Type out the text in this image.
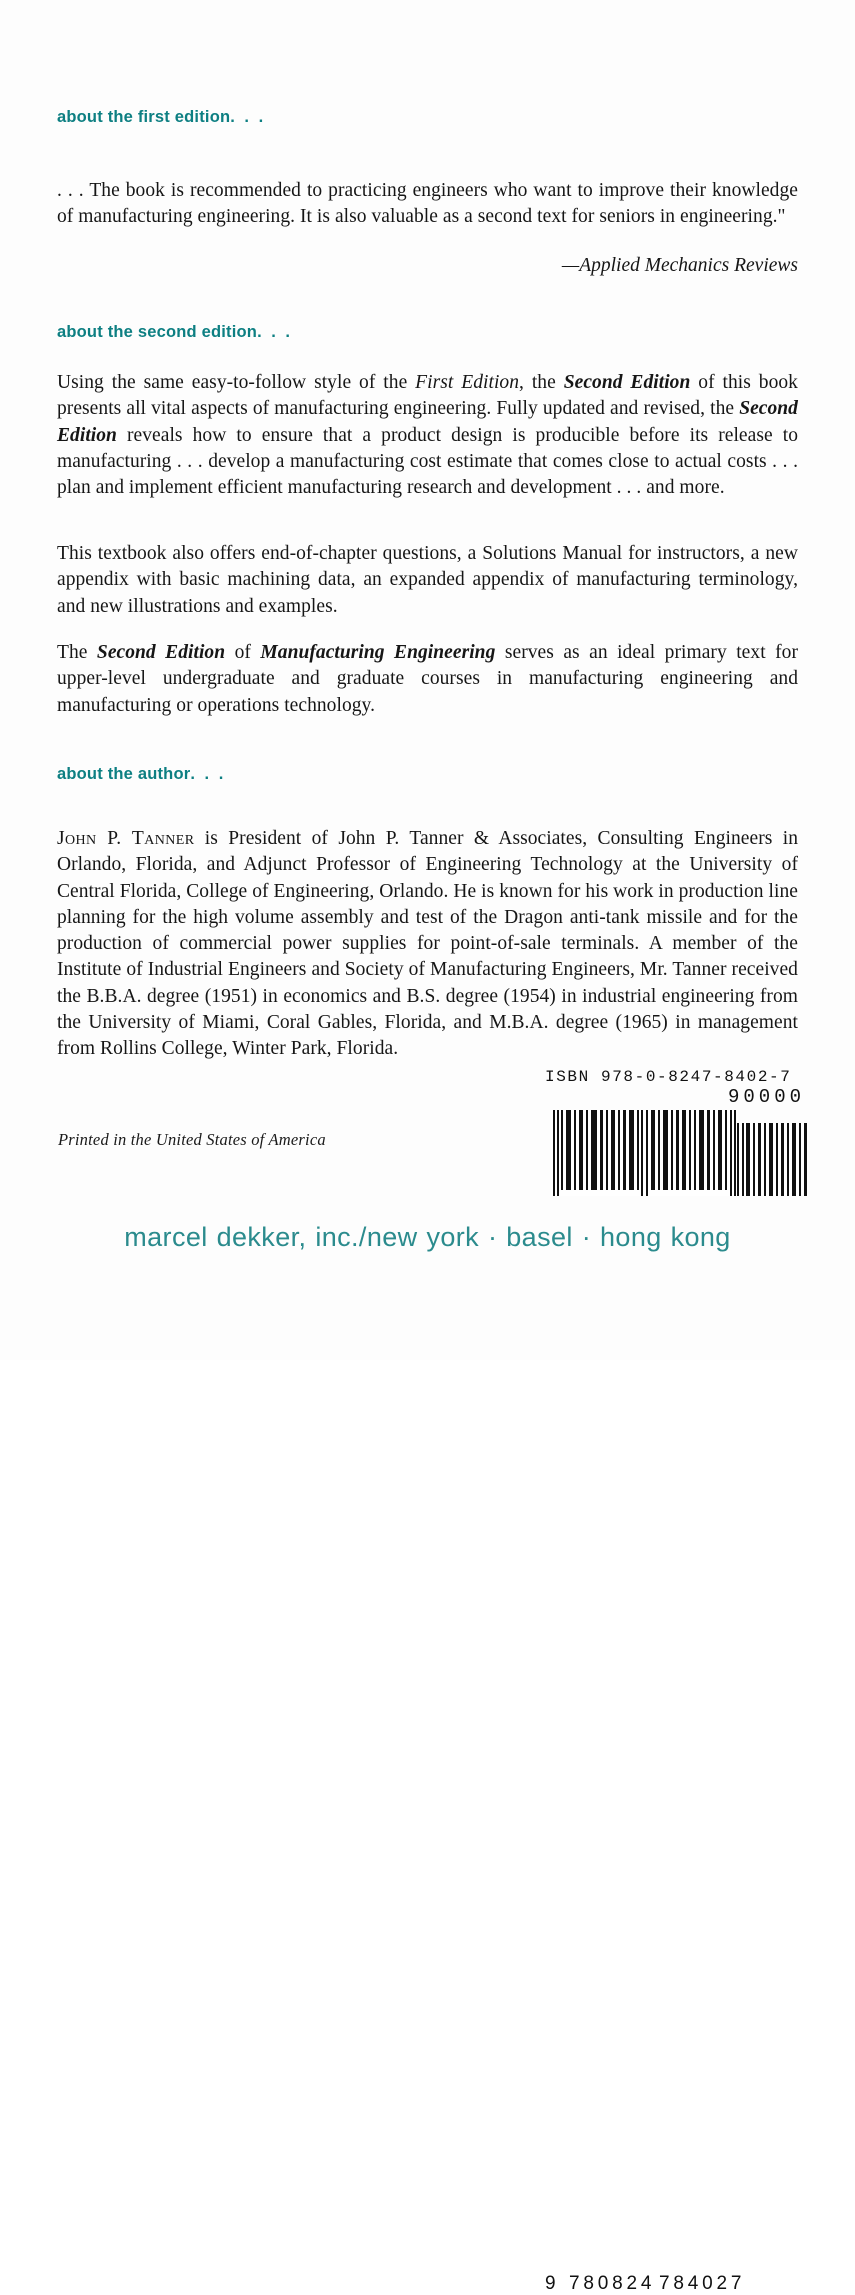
about the first edition. . .

. . . The book is recommended to practicing engineers who want to improve their knowledge of manufacturing engineering. It is also valuable as a second text for seniors in engineering."

—Applied Mechanics Reviews
about the second edition. . .

Using the same easy-to-follow style of the First Edition, the Second Edition of this book presents all vital aspects of manufacturing engineering. Fully updated and revised, the Second Edition reveals how to ensure that a product design is producible before its release to manufacturing . . . develop a manufacturing cost estimate that comes close to actual costs . . . plan and implement efficient manufacturing research and development . . . and more.

This textbook also offers end-of-chapter questions, a Solutions Manual for instructors, a new appendix with basic machining data, an expanded appendix of manufacturing terminology, and new illustrations and examples.

The Second Edition of Manufacturing Engineering serves as an ideal primary text for upper-level undergraduate and graduate courses in manufacturing engineering and manufacturing or operations technology.

about the author. . .

John P. Tanner is President of John P. Tanner & Associates, Consulting Engineers in Orlando, Florida, and Adjunct Professor of Engineering Technology at the University of Central Florida, College of Engineering, Orlando. He is known for his work in production line planning for the high volume assembly and test of the Dragon anti-tank missile and for the production of commercial power supplies for point-of-sale terminals. A member of the Institute of Industrial Engineers and Society of Manufacturing Engineers, Mr. Tanner received the B.B.A. degree (1951) in economics and B.S. degree (1954) in industrial engineering from the University of Miami, Coral Gables, Florida, and M.B.A. degree (1965) in management from Rollins College, Winter Park, Florida.

Printed in the United States of America
ISBN 978-0-8247-8402-7
90000
9 780824 784027
marcel dekker, inc./new york · basel · hong kong
